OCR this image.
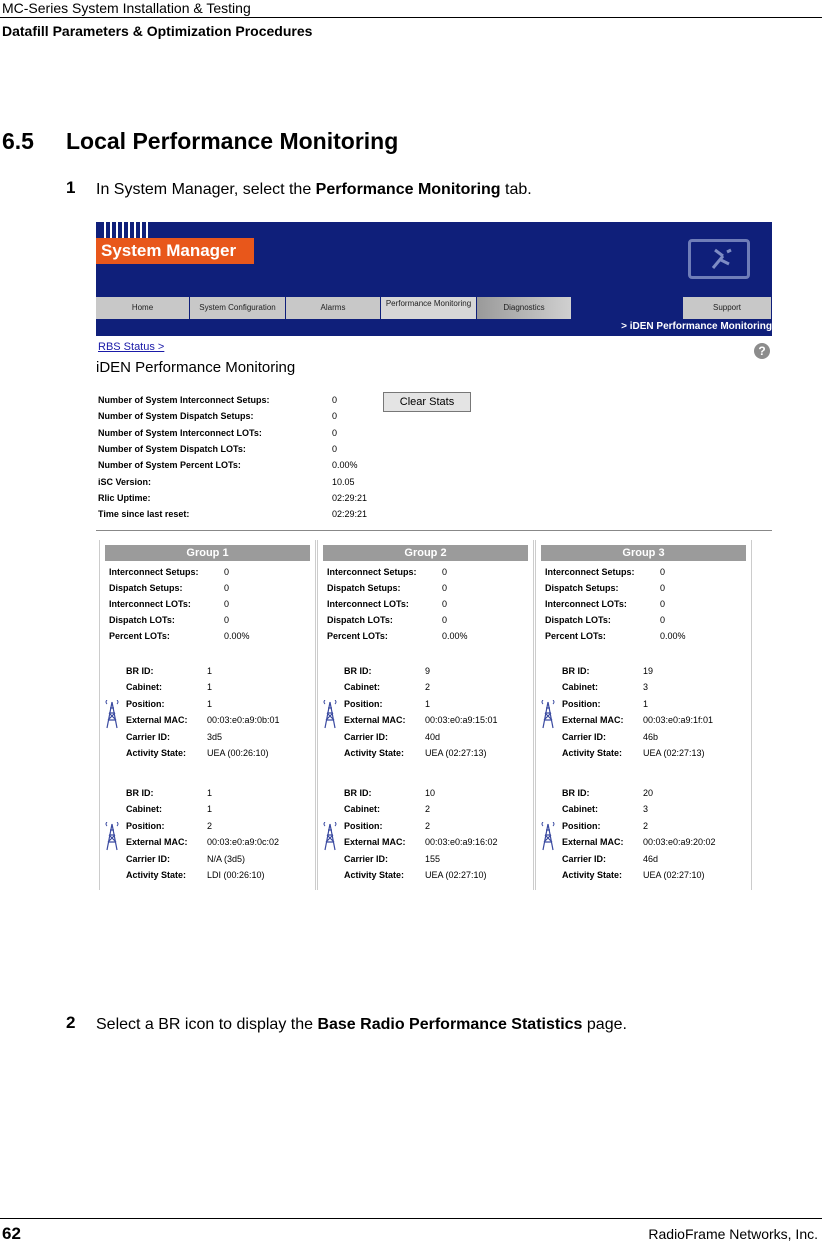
MC-Series System Installation & Testing
Datafill Parameters & Optimization Procedures
6.5 Local Performance Monitoring
1 In System Manager, select the Performance Monitoring tab.
System Manager
Home	System Configuration	Alarms	Performance Monitoring	Diagnostics	Support
> iDEN Performance Monitoring
RBS Status >	?
iDEN Performance Monitoring
Number of System Interconnect Setups:	0
Number of System Dispatch Setups:	0
Number of System Interconnect LOTs:	0
Number of System Dispatch LOTs:	0
Number of System Percent LOTs:	0.00%
iSC Version:	10.05
Rlic Uptime:	02:29:21
Time since last reset:	02:29:21
Clear Stats
Group 1
Interconnect Setups:	0
Dispatch Setups:	0
Interconnect LOTs:	0
Dispatch LOTs:	0
Percent LOTs:	0.00%
BR ID:	1
Cabinet:	1
Position:	1
External MAC: 00:03:e0:a9:0b:01
Carrier ID:	3d5
Activity State: UEA (00:26:10)
BR ID:	1
Cabinet:	1
Position:	2
External MAC: 00:03:e0:a9:0c:02
Carrier ID:	N/A (3d5)
Activity State: LDI (00:26:10)
Group 2
Interconnect Setups:	0
Dispatch Setups:	0
Interconnect LOTs:	0
Dispatch LOTs:	0
Percent LOTs:	0.00%
BR ID:	9
Cabinet:	2
Position:	1
External MAC: 00:03:e0:a9:15:01
Carrier ID:	40d
Activity State: UEA (02:27:13)
BR ID:	10
Cabinet:	2
Position:	2
External MAC: 00:03:e0:a9:16:02
Carrier ID:	155
Activity State: UEA (02:27:10)
Group 3
Interconnect Setups:	0
Dispatch Setups:	0
Interconnect LOTs:	0
Dispatch LOTs:	0
Percent LOTs:	0.00%
BR ID:	19
Cabinet:	3
Position:	1
External MAC: 00:03:e0:a9:1f:01
Carrier ID:	46b
Activity State: UEA (02:27:13)
BR ID:	20
Cabinet:	3
Position:	2
External MAC: 00:03:e0:a9:20:02
Carrier ID:	46d
Activity State: UEA (02:27:10)
2 Select a BR icon to display the Base Radio Performance Statistics page.
62	RadioFrame Networks, Inc.
